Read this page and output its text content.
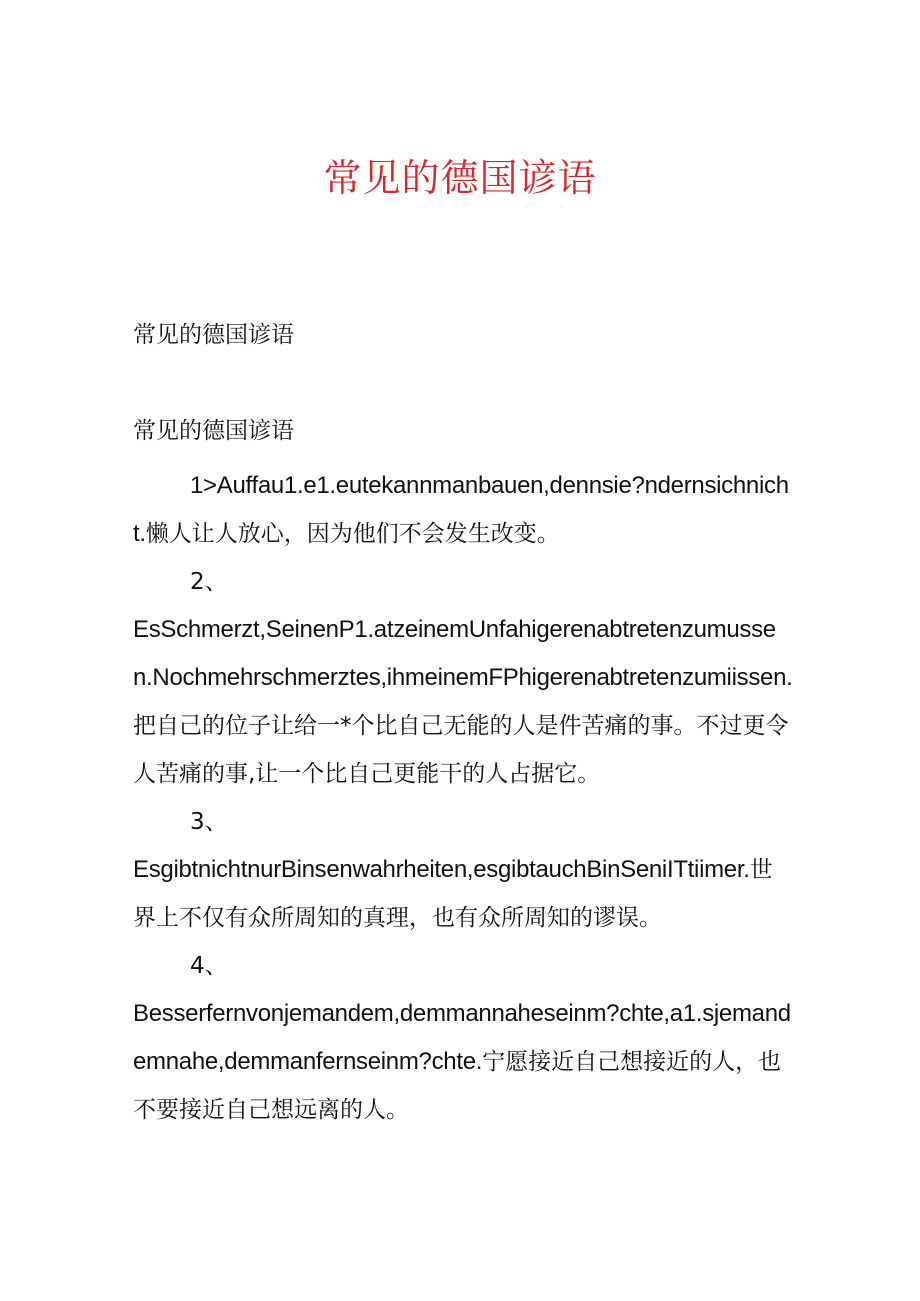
常见的德国谚语
常见的德国谚语
常见的德国谚语

1>Auffau1.e1.eutekannmanbauen,dennsie?ndernsichnicht.懒人让人放心，因为他们不会发生改变。

2、

EsSchmerzt,SeinenP1.atzeinemUnfahigerenabtretenzumussen.Nochmehrschmerztes,ihmeinemFPhigerenabtretenzumiissen.把自己的位子让给一*个比自己无能的人是件苦痛的事。不过更令人苦痛的事,让一个比自己更能干的人占据它。

3、

EsgibtnichtnurBinsenwahrheiten,esgibtauchBinSeniITtiimer.世界上不仅有众所周知的真理，也有众所周知的谬误。

4、

Besserfernvonjemandem,demmannaheseinm?chte,a1.sjemandemnahe,demmanfernseinm?chte.宁愿接近自己想接近的人，也不要接近自己想远离的人。
